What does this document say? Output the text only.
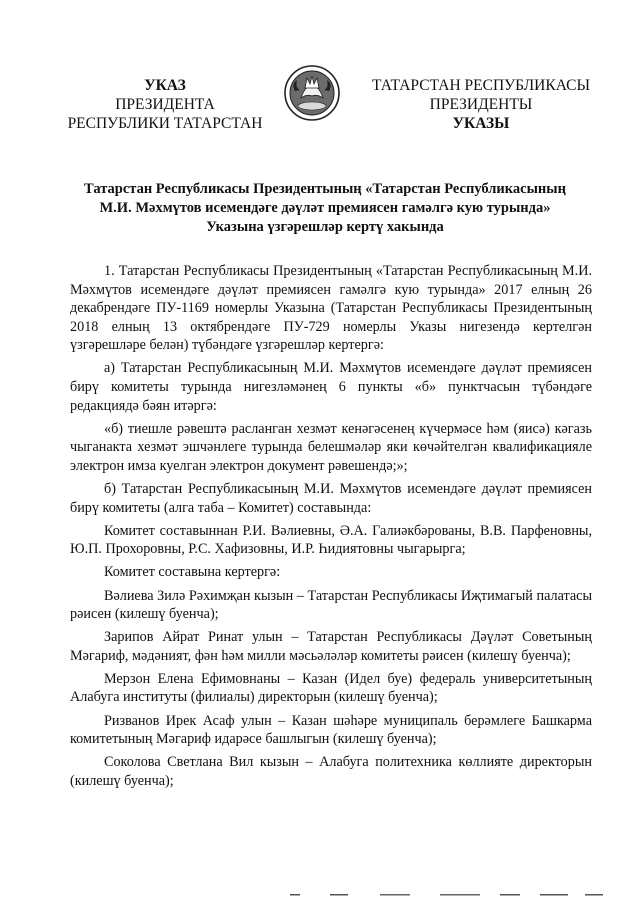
УКАЗ
ПРЕЗИДЕНТА
РЕСПУБЛИКИ ТАТАРСТАН
ТАТАРСТАН РЕСПУБЛИКАСЫ
ПРЕЗИДЕНТЫ
УКАЗЫ
Татарстан Республикасы Президентының «Татарстан Республикасының
М.И. Мәхмүтов исемендәге дәүләт премиясен гамәлгә кую турында»
Указына үзгәрешләр кертү хакында

1. Татарстан Республикасы Президентының «Татарстан Республикасының М.И. Мәхмүтов исемендәге дәүләт премиясен гамәлгә кую турында» 2017 елның 26 декабрендәге ПУ-1169 номерлы Указына (Татарстан Республикасы Президентының 2018 елның 13 октябрендәге ПУ-729 номерлы Указы нигезендә кертелгән үзгәрешләре белән) түбәндәге үзгәрешләр кертергә:

а) Татарстан Республикасының М.И. Мәхмүтов исемендәге дәүләт премиясен бирү комитеты турында нигезләмәнең 6 пункты «б» пунктчасын түбәндәге редакциядә бәян итәргә:

«б) тиешле рәвештә расланган хезмәт кенәгәсенең күчермәсе һәм (яисә) кәгазь чыганакта хезмәт эшчәнлеге турында белешмәләр яки көчәйтелгән квалификацияле электрон имза куелган электрон документ рәвешендә;»;

б) Татарстан Республикасының М.И. Мәхмүтов исемендәге дәүләт премиясен бирү комитеты (алга таба – Комитет) составында:

Комитет составыннан Р.И. Вәлиевны, Ә.А. Галиәкбәрованы, В.В. Парфеновны, Ю.П. Прохоровны, Р.С. Хафизовны, И.Р. Һидиятовны чыгарырга;

Комитет составына кертергә:

Вәлиева Зилә Рәхимҗан кызын – Татарстан Республикасы Иҗтимагый палатасы рәисен (килешү буенча);

Зарипов Айрат Ринат улын – Татарстан Республикасы Дәүләт Советының Мәгариф, мәдәният, фән һәм милли мәсьәләләр комитеты рәисен (килешү буенча);

Мерзон Елена Ефимовнаны – Казан (Идел буе) федераль университетының Алабуга институты (филиалы) директорын (килешү буенча);

Ризванов Ирек Асаф улын – Казан шәһәре муниципаль берәмлеге Башкарма комитетының Мәгариф идарәсе башлыгын (килешү буенча);

Соколова Светлана Вил кызын – Алабуга политехника көллияте директорын (килешү буенча);
